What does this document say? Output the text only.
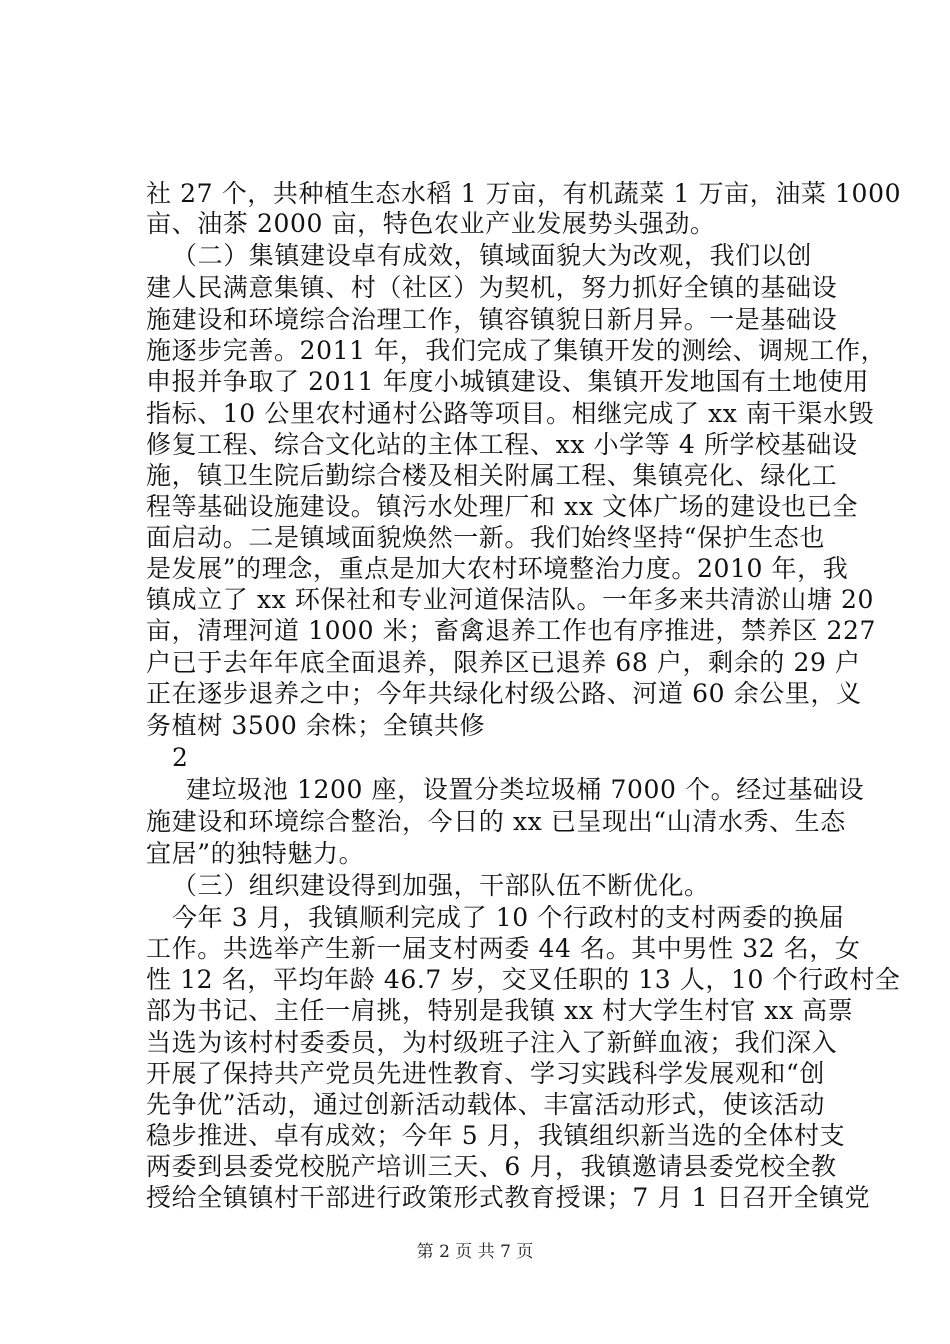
社 27 个，共种植生态水稻 1 万亩，有机蔬菜 1 万亩，油菜 1000
亩、油茶 2000 亩，特色农业产业发展势头强劲。
（二）集镇建设卓有成效，镇域面貌大为改观，我们以创
建人民满意集镇、村（社区）为契机，努力抓好全镇的基础设
施建设和环境综合治理工作，镇容镇貌日新月异。一是基础设
施逐步完善。2011 年，我们完成了集镇开发的测绘、调规工作，
申报并争取了 2011 年度小城镇建设、集镇开发地国有土地使用
指标、10 公里农村通村公路等项目。相继完成了 xx 南干渠水毁
修复工程、综合文化站的主体工程、xx 小学等 4 所学校基础设
施，镇卫生院后勤综合楼及相关附属工程、集镇亮化、绿化工
程等基础设施建设。镇污水处理厂和 xx 文体广场的建设也已全
面启动。二是镇域面貌焕然一新。我们始终坚持“保护生态也
是发展”的理念，重点是加大农村环境整治力度。2010 年，我
镇成立了 xx 环保社和专业河道保洁队。一年多来共清淤山塘 20
亩，清理河道 1000 米；畜禽退养工作也有序推进，禁养区 227
户已于去年年底全面退养，限养区已退养 68 户，剩余的 29 户
正在逐步退养之中；今年共绿化村级公路、河道 60 余公里，义
务植树 3500 余株；全镇共修
2
建垃圾池 1200 座，设置分类垃圾桶 7000 个。经过基础设
施建设和环境综合整治，今日的 xx 已呈现出“山清水秀、生态
宜居”的独特魅力。
（三）组织建设得到加强，干部队伍不断优化。
今年 3 月，我镇顺利完成了 10 个行政村的支村两委的换届
工作。共选举产生新一届支村两委 44 名。其中男性 32 名，女
性 12 名，平均年龄 46.7 岁，交叉任职的 13 人，10 个行政村全
部为书记、主任一肩挑，特别是我镇 xx 村大学生村官 xx 高票
当选为该村村委委员，为村级班子注入了新鲜血液；我们深入
开展了保持共产党员先进性教育、学习实践科学发展观和“创
先争优”活动，通过创新活动载体、丰富活动形式，使该活动
稳步推进、卓有成效；今年 5 月，我镇组织新当选的全体村支
两委到县委党校脱产培训三天、6 月，我镇邀请县委党校全教
授给全镇镇村干部进行政策形式教育授课；7 月 1 日召开全镇党
第 2 页 共 7 页
